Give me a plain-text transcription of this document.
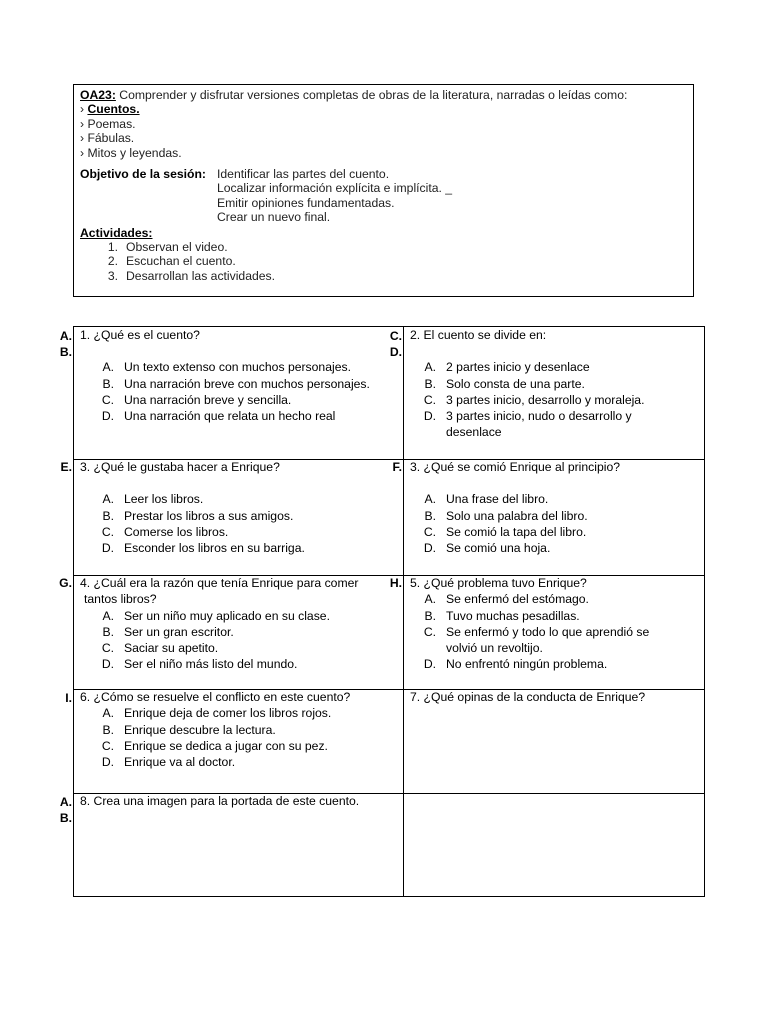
OA23: Comprender y disfrutar versiones completas de obras de la literatura, narradas o leídas como:
› Cuentos.
› Poemas.
› Fábulas.
› Mitos y leyendas.
Objetivo de la sesión: Identificar las partes del cuento.
Localizar información explícita e implícita. _
Emitir opiniones fundamentadas.
Crear un nuevo final.
Actividades:
1. Observan el video.
2. Escuchan el cuento.
3. Desarrollan las actividades.
A.
B.
C.
D.
E.	F.
G.	H.
I.
A.
B.
1. ¿Qué es el cuento?
A. Un texto extenso con muchos personajes.
B. Una narración breve con muchos personajes.
C. Una narración breve y sencilla.
D. Una narración que relata un hecho real
2. El cuento se divide en:
A. 2 partes inicio y desenlace
B. Solo consta de una parte.
C. 3 partes inicio, desarrollo y moraleja.
D. 3 partes inicio, nudo o desarrollo y desenlace
3. ¿Qué le gustaba hacer a Enrique?
A. Leer los libros.
B. Prestar los libros a sus amigos.
C. Comerse los libros.
D. Esconder los libros en su barriga.
3. ¿Qué se comió Enrique al principio?
A. Una frase del libro.
B. Solo una palabra del libro.
C. Se comió la tapa del libro.
D. Se comió una hoja.
4. ¿Cuál era la razón que tenía Enrique para comer
tantos libros?
A. Ser un niño muy aplicado en su clase.
B. Ser un gran escritor.
C. Saciar su apetito.
D. Ser el niño más listo del mundo.
5. ¿Qué problema tuvo Enrique?
A. Se enfermó del estómago.
B. Tuvo muchas pesadillas.
C. Se enfermó y todo lo que aprendió se volvió un revoltijo.
D. No enfrentó ningún problema.
6. ¿Cómo se resuelve el conflicto en este cuento?
A. Enrique deja de comer los libros rojos.
B. Enrique descubre la lectura.
C. Enrique se dedica a jugar con su pez.
D. Enrique va al doctor.
7. ¿Qué opinas de la conducta de Enrique?
8. Crea una imagen para la portada de este cuento.
